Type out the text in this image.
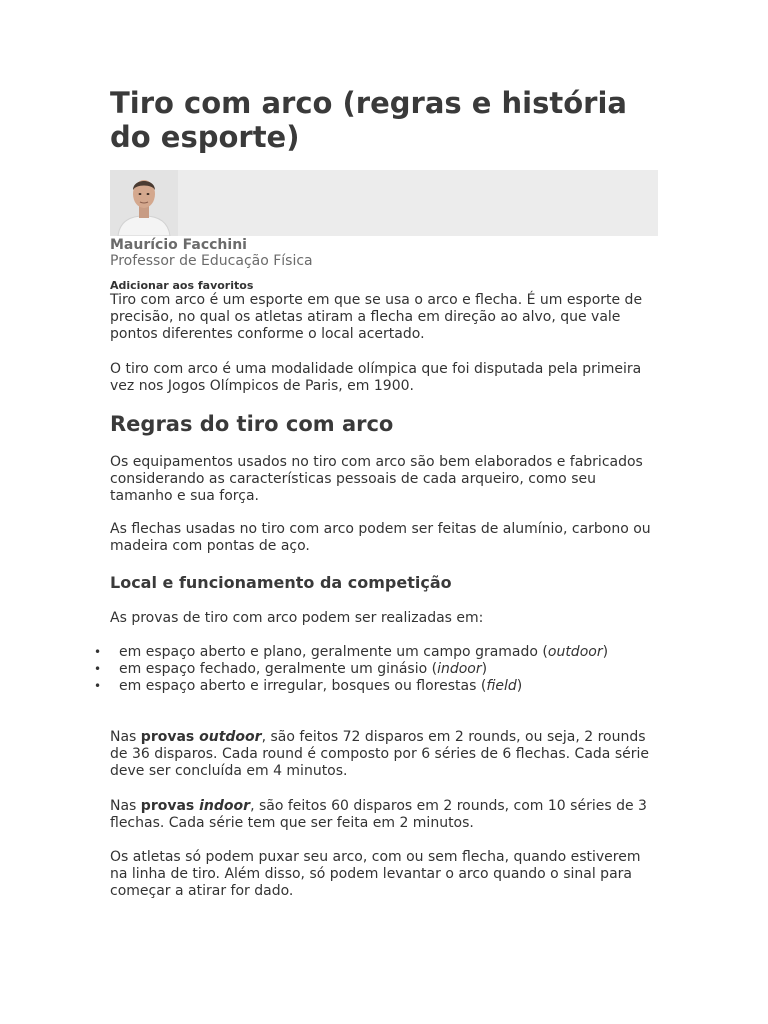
Tiro com arco (regras e história do esporte)
Maurício Facchini
Professor de Educação Física
Adicionar aos favoritos

Tiro com arco é um esporte em que se usa o arco e flecha. É um esporte de precisão, no qual os atletas atiram a flecha em direção ao alvo, que vale pontos diferentes conforme o local acertado.

O tiro com arco é uma modalidade olímpica que foi disputada pela primeira vez nos Jogos Olímpicos de Paris, em 1900.

Regras do tiro com arco

Os equipamentos usados no tiro com arco são bem elaborados e fabricados considerando as características pessoais de cada arqueiro, como seu tamanho e sua força.

As flechas usadas no tiro com arco podem ser feitas de alumínio, carbono ou madeira com pontas de aço.

Local e funcionamento da competição

As provas de tiro com arco podem ser realizadas em:

• em espaço aberto e plano, geralmente um campo gramado (outdoor)
• em espaço fechado, geralmente um ginásio (indoor)
• em espaço aberto e irregular, bosques ou florestas (field)

Nas provas outdoor, são feitos 72 disparos em 2 rounds, ou seja, 2 rounds de 36 disparos. Cada round é composto por 6 séries de 6 flechas. Cada série deve ser concluída em 4 minutos.

Nas provas indoor, são feitos 60 disparos em 2 rounds, com 10 séries de 3 flechas. Cada série tem que ser feita em 2 minutos.

Os atletas só podem puxar seu arco, com ou sem flecha, quando estiverem na linha de tiro. Além disso, só podem levantar o arco quando o sinal para começar a atirar for dado.
